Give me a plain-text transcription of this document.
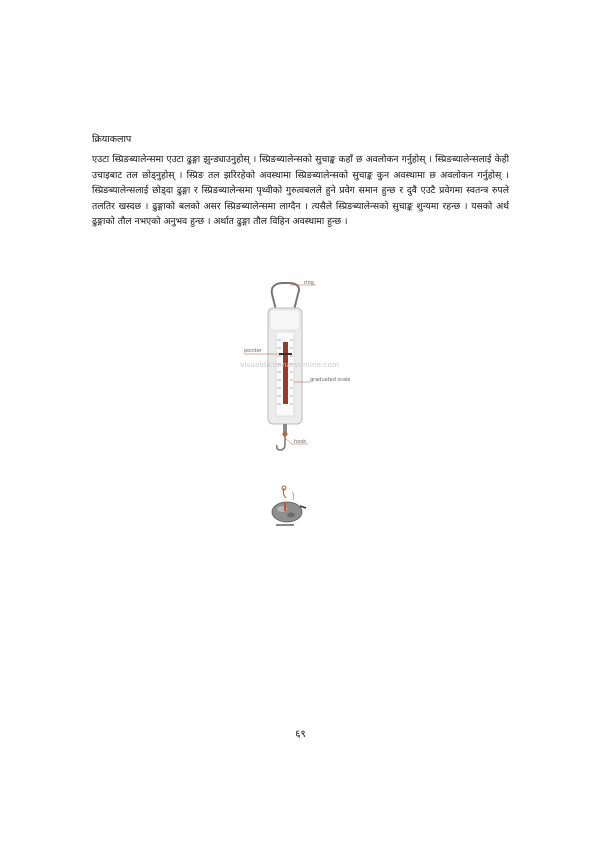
क्रियाकलाप

एउटा स्प्रिङब्यालेन्समा एउटा ढुङ्गा झुन्ड्याउनुहोस् । स्प्रिङब्यालेन्सको सुचाङ्क कहाँ छ अवलोकन गर्नुहोस् । स्प्रिङब्यालेन्सलाई केही उचाइबाट तल छोड्नुहोस् । स्प्रिङ तल झरिरहेको अवस्थामा स्प्रिङब्यालेन्सको सुचाङ्क कुन अवस्थामा छ अवलोकन गर्नुहोस् । स्प्रिङब्यालेन्सलाई छोड्दा ढुङ्गा र स्प्रिङब्यालेन्समा पृथ्वीको गुरुत्वबलले हुने प्रवेग समान हुन्छ र दुवै एउटै प्रवेगमा स्वतन्त्र रुपले तलतिर खस्दछ । ढुङ्गाको बलको असर स्प्रिङब्यालेन्समा लाग्दैन । त्यसैले स्प्रिङब्यालेन्सको सुचाङ्क शुन्यमा रहन्छ । यसको अर्थ ढुङ्गाको तौल नभएको अनुभव हुन्छ । अर्थात ढुङ्गा तौल विहिन अवस्थामा हुन्छ ।

ring
pointer
graduated scale
hook
visualdictionaryonline.com
६९
